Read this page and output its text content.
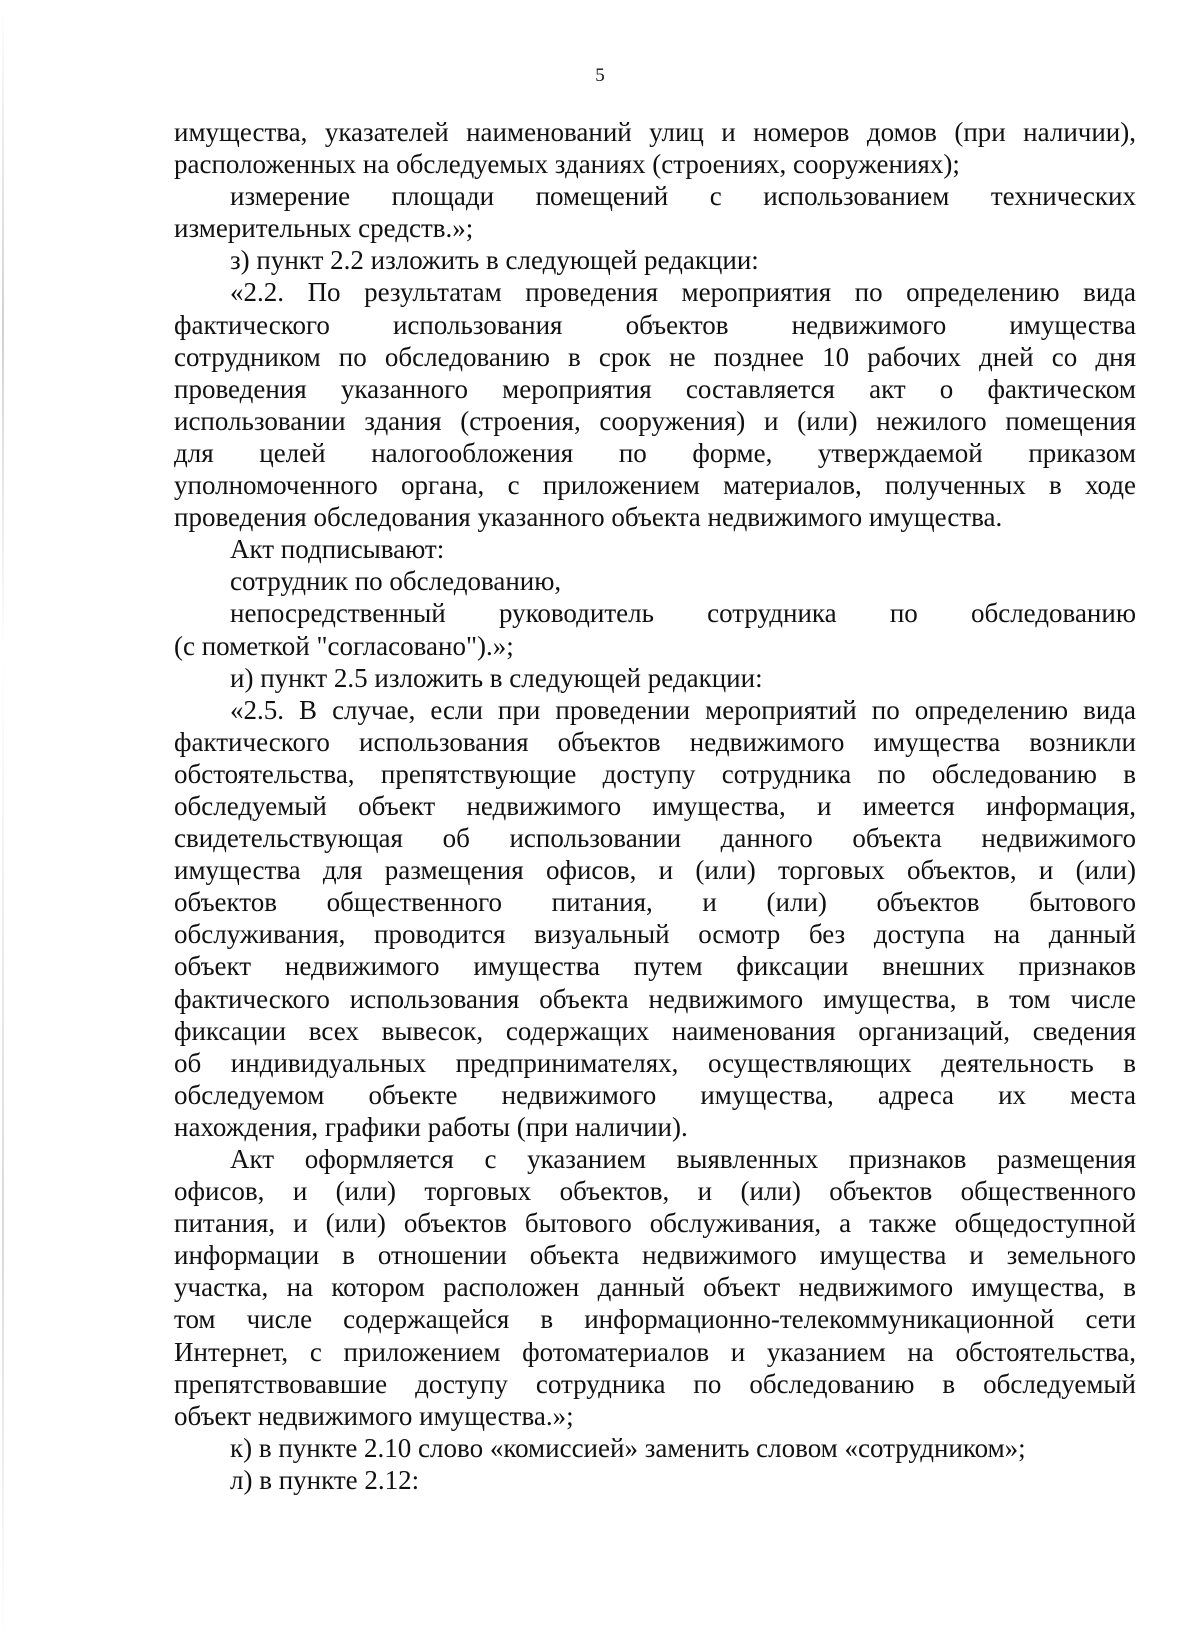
5
имущества, указателей наименований улиц и номеров домов (при наличии),
расположенных на обследуемых зданиях (строениях, сооружениях);
измерение площади помещений с использованием технических
измерительных средств.»;
з) пункт 2.2 изложить в следующей редакции:
«2.2. По результатам проведения мероприятия по определению вида
фактического использования объектов недвижимого имущества
сотрудником по обследованию в срок не позднее 10 рабочих дней со дня
проведения указанного мероприятия составляется акт о фактическом
использовании здания (строения, сооружения) и (или) нежилого помещения
для целей налогообложения по форме, утверждаемой приказом
уполномоченного органа, с приложением материалов, полученных в ходе
проведения обследования указанного объекта недвижимого имущества.
Акт подписывают:
сотрудник по обследованию,
непосредственный руководитель сотрудника по обследованию
(с пометкой "согласовано").»;
и) пункт 2.5 изложить в следующей редакции:
«2.5. В случае, если при проведении мероприятий по определению вида
фактического использования объектов недвижимого имущества возникли
обстоятельства, препятствующие доступу сотрудника по обследованию в
обследуемый объект недвижимого имущества, и имеется информация,
свидетельствующая об использовании данного объекта недвижимого
имущества для размещения офисов, и (или) торговых объектов, и (или)
объектов общественного питания, и (или) объектов бытового
обслуживания, проводится визуальный осмотр без доступа на данный
объект недвижимого имущества путем фиксации внешних признаков
фактического использования объекта недвижимого имущества, в том числе
фиксации всех вывесок, содержащих наименования организаций, сведения
об индивидуальных предпринимателях, осуществляющих деятельность в
обследуемом объекте недвижимого имущества, адреса их места
нахождения, графики работы (при наличии).
Акт оформляется с указанием выявленных признаков размещения
офисов, и (или) торговых объектов, и (или) объектов общественного
питания, и (или) объектов бытового обслуживания, а также общедоступной
информации в отношении объекта недвижимого имущества и земельного
участка, на котором расположен данный объект недвижимого имущества, в
том числе содержащейся в информационно-телекоммуникационной сети
Интернет, с приложением фотоматериалов и указанием на обстоятельства,
препятствовавшие доступу сотрудника по обследованию в обследуемый
объект недвижимого имущества.»;
к) в пункте 2.10 слово «комиссией» заменить словом «сотрудником»;
л) в пункте 2.12:
